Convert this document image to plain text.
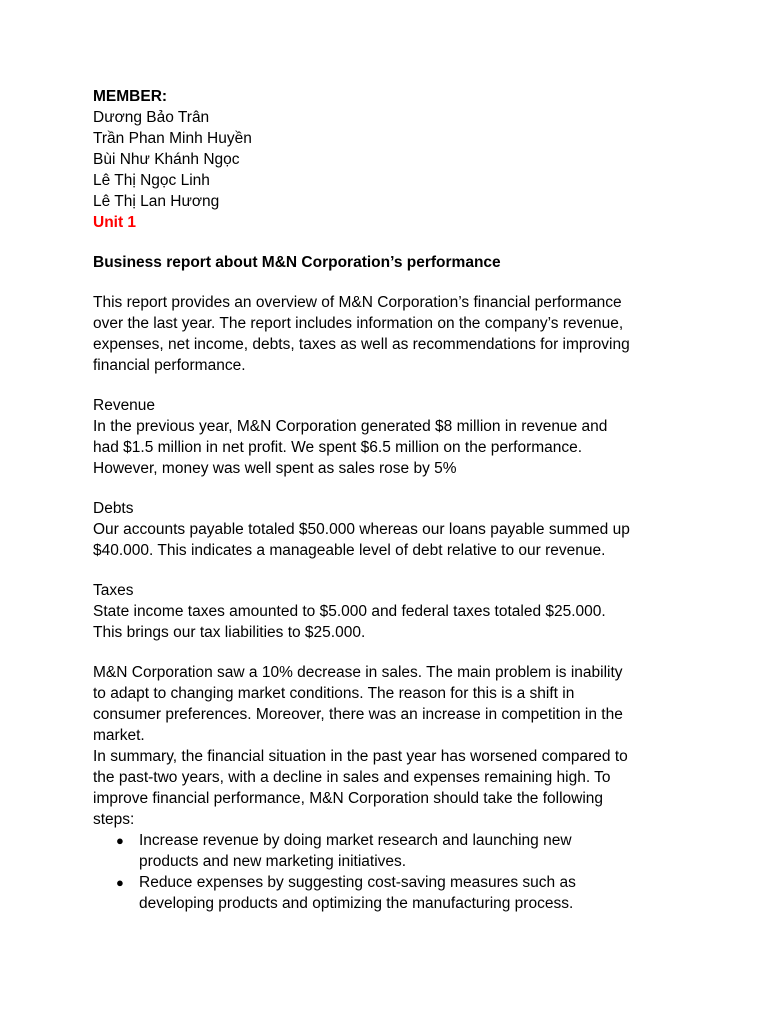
MEMBER:
Dương Bảo Trân
Trần Phan Minh Huyền
Bùi Như Khánh Ngọc
Lê Thị Ngọc Linh
Lê Thị Lan Hương
Unit 1
Business report about M&N Corporation’s performance
This report provides an overview of M&N Corporation’s financial performance
over the last year. The report includes information on the company’s revenue,
expenses, net income, debts, taxes as well as recommendations for improving
financial performance.
Revenue
In the previous year, M&N Corporation generated $8 million in revenue and
had $1.5 million in net profit. We spent $6.5 million on the performance.
However, money was well spent as sales rose by 5%
Debts
Our accounts payable totaled $50.000 whereas our loans payable summed up
$40.000. This indicates a manageable level of debt relative to our revenue.
Taxes
State income taxes amounted to $5.000 and federal taxes totaled $25.000.
This brings our tax liabilities to $25.000.
M&N Corporation saw a 10% decrease in sales. The main problem is inability
to adapt to changing market conditions. The reason for this is a shift in
consumer preferences. Moreover, there was an increase in competition in the
market.
In summary, the financial situation in the past year has worsened compared to
the past-two years, with a decline in sales and expenses remaining high. To
improve financial performance, M&N Corporation should take the following
steps:
● Increase revenue by doing market research and launching new
products and new marketing initiatives.
● Reduce expenses by suggesting cost-saving measures such as
developing products and optimizing the manufacturing process.
